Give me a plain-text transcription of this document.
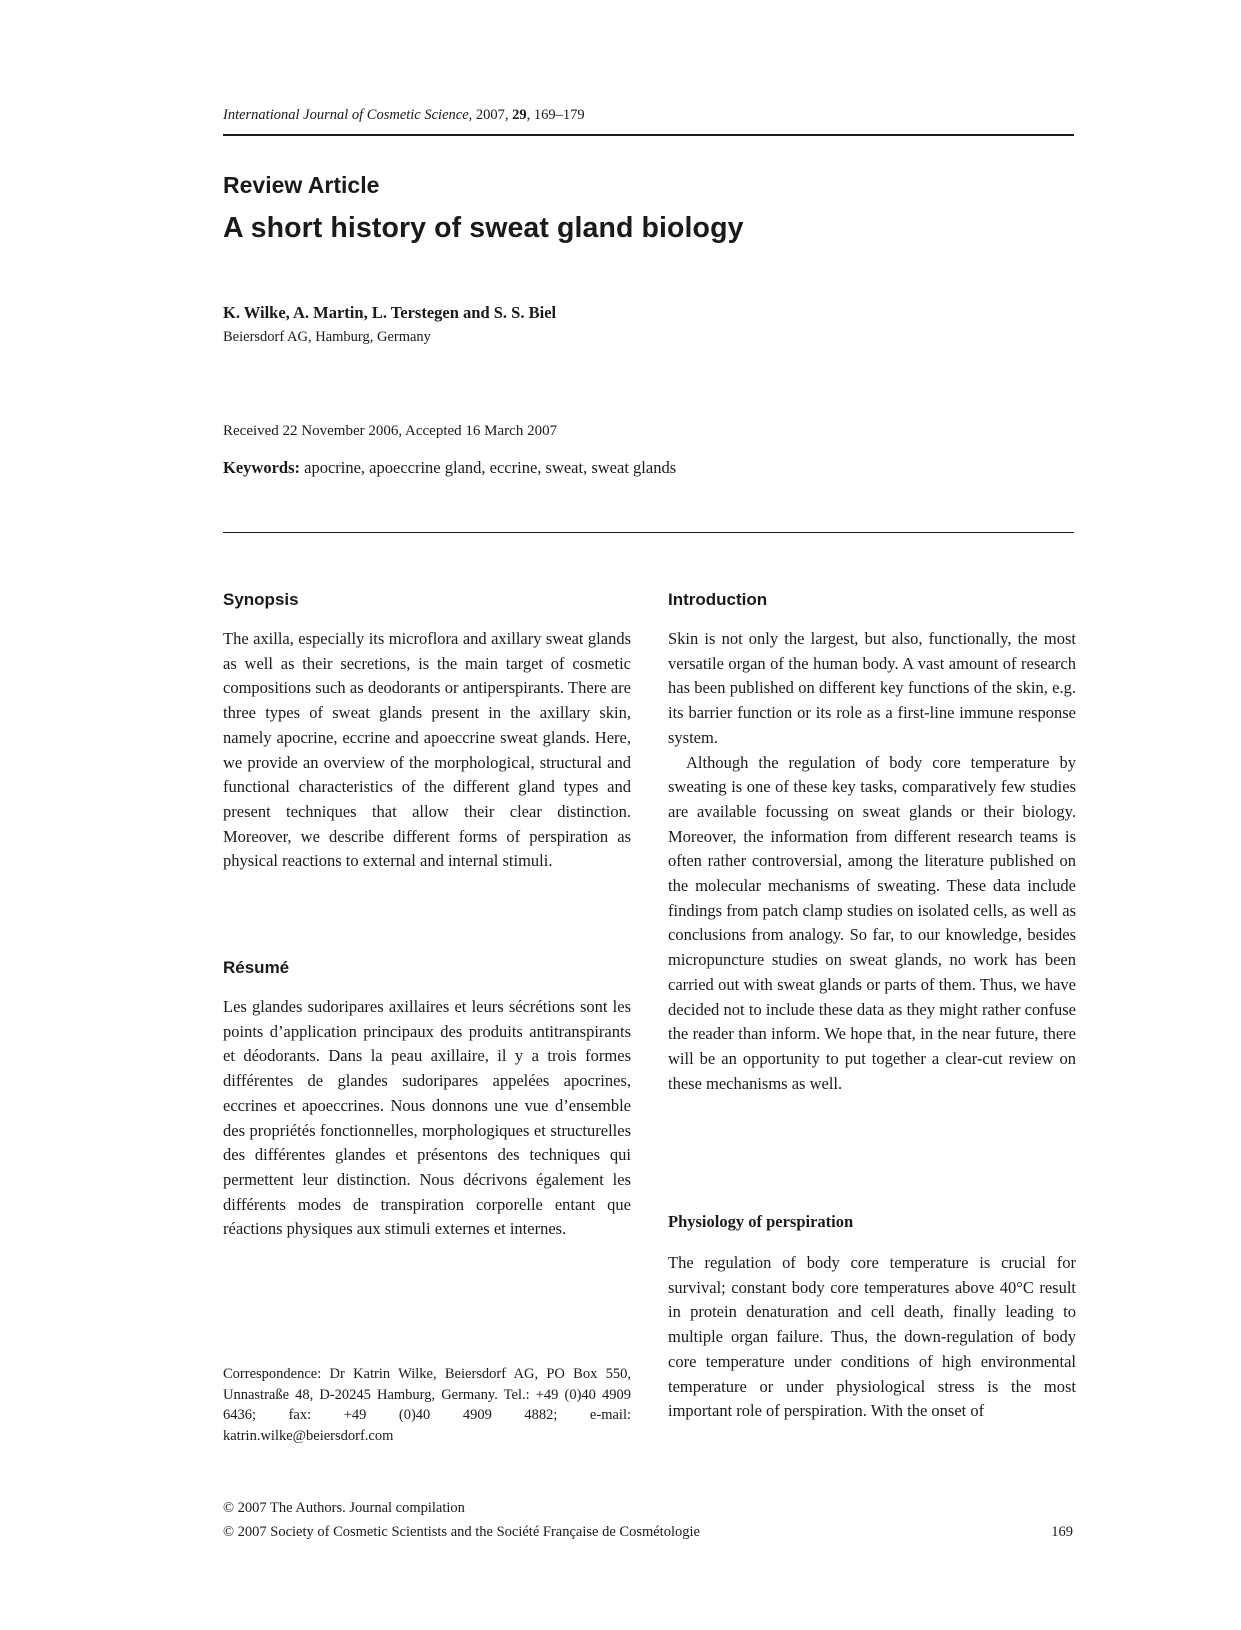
International Journal of Cosmetic Science, 2007, 29, 169–179
Review Article
A short history of sweat gland biology
K. Wilke, A. Martin, L. Terstegen and S. S. Biel
Beiersdorf AG, Hamburg, Germany
Received 22 November 2006, Accepted 16 March 2007
Keywords: apocrine, apoeccrine gland, eccrine, sweat, sweat glands
Synopsis

The axilla, especially its microflora and axillary sweat glands as well as their secretions, is the main target of cosmetic compositions such as deodorants or antiperspirants. There are three types of sweat glands present in the axillary skin, namely apocrine, eccrine and apoeccrine sweat glands. Here, we provide an overview of the morphological, structural and functional characteristics of the different gland types and present techniques that allow their clear distinction. Moreover, we describe different forms of perspiration as physical reactions to external and internal stimuli.

Résumé

Les glandes sudoripares axillaires et leurs sécrétions sont les points d’application principaux des produits antitranspirants et déodorants. Dans la peau axillaire, il y a trois formes différentes de glandes sudoripares appelées apocrines, eccrines et apoeccrines. Nous donnons une vue d’ensemble des propriétés fonctionnelles, morphologiques et structurelles des différentes glandes et présentons des techniques qui permettent leur distinction. Nous décrivons également les différents modes de transpiration corporelle entant que réactions physiques aux stimuli externes et internes.

Correspondence: Dr Katrin Wilke, Beiersdorf AG, PO Box 550, Unnastraße 48, D-20245 Hamburg, Germany. Tel.: +49 (0)40 4909 6436; fax: +49 (0)40 4909 4882; e-mail: katrin.wilke@beiersdorf.com

Introduction

Skin is not only the largest, but also, functionally, the most versatile organ of the human body. A vast amount of research has been published on different key functions of the skin, e.g. its barrier function or its role as a first-line immune response system.

Although the regulation of body core temperature by sweating is one of these key tasks, comparatively few studies are available focussing on sweat glands or their biology. Moreover, the information from different research teams is often rather controversial, among the literature published on the molecular mechanisms of sweating. These data include findings from patch clamp studies on isolated cells, as well as conclusions from analogy. So far, to our knowledge, besides micropuncture studies on sweat glands, no work has been carried out with sweat glands or parts of them. Thus, we have decided not to include these data as they might rather confuse the reader than inform. We hope that, in the near future, there will be an opportunity to put together a clear-cut review on these mechanisms as well.

Physiology of perspiration

The regulation of body core temperature is crucial for survival; constant body core temperatures above 40°C result in protein denaturation and cell death, finally leading to multiple organ failure. Thus, the down-regulation of body core temperature under conditions of high environmental temperature or under physiological stress is the most important role of perspiration. With the onset of

© 2007 The Authors. Journal compilation
© 2007 Society of Cosmetic Scientists and the Société Française de Cosmétologie	169
